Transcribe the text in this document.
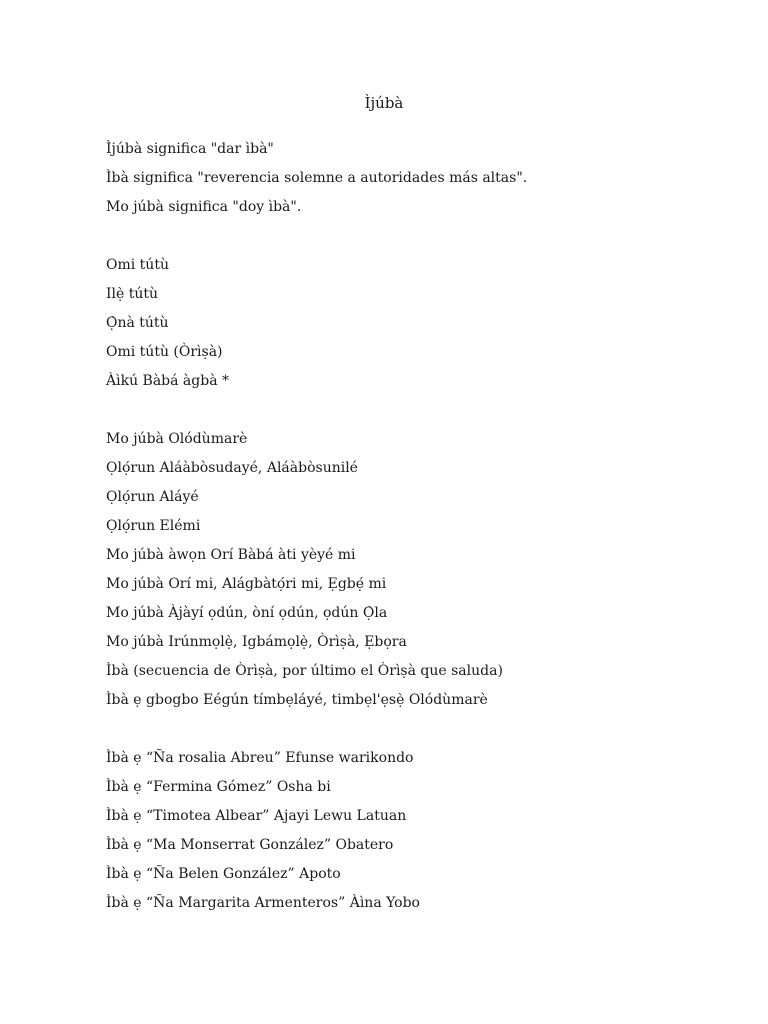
Ìjúbà
Ìjúbà significa "dar ìbà"
Ìbà significa "reverencia solemne a autoridades más altas".
Mo júbà significa "doy ìbà".
Omi tútù
Ilẹ̀ tútù
Ọ̀nà tútù
Omi tútù (Òrìṣà)
Àìkú Bàbá àgbà *
Mo júbà Olódùmarè
Ọlọ́run Aláàbòsudayé, Aláàbòsunilé
Ọlọ́run Aláyé
Ọlọ́run Elémi
Mo júbà àwọn Orí Bàbá àti yèyé mi
Mo júbà Orí mi, Alágbàtọ́ri mi, Ẹgbẹ́ mi
Mo júbà Àjàyí ọdún, òní ọdún, ọdún Ọ̀la
Mo júbà Irúnmọlẹ̀, Igbámọlẹ̀, Òrìṣà, Ẹbọra
Ìbà (secuencia de Òrìṣà, por último el Òrìṣà que saluda)
Ìbà ẹ gbogbo Eégún tímbẹláyé, timbẹl'ẹsẹ̀ Olódùmarè
Ìbà ẹ “Ña rosalia Abreu” Efunse warikondo
Ìbà ẹ “Fermina Gómez” Osha bi
Ìbà ẹ “Timotea Albear” Ajayi Lewu Latuan
Ìbà ẹ “Ma Monserrat González” Obatero
Ìbà ẹ “Ña Belen González” Apoto
Ìbà ẹ “Ña Margarita Armenteros” Àìna Yobo
